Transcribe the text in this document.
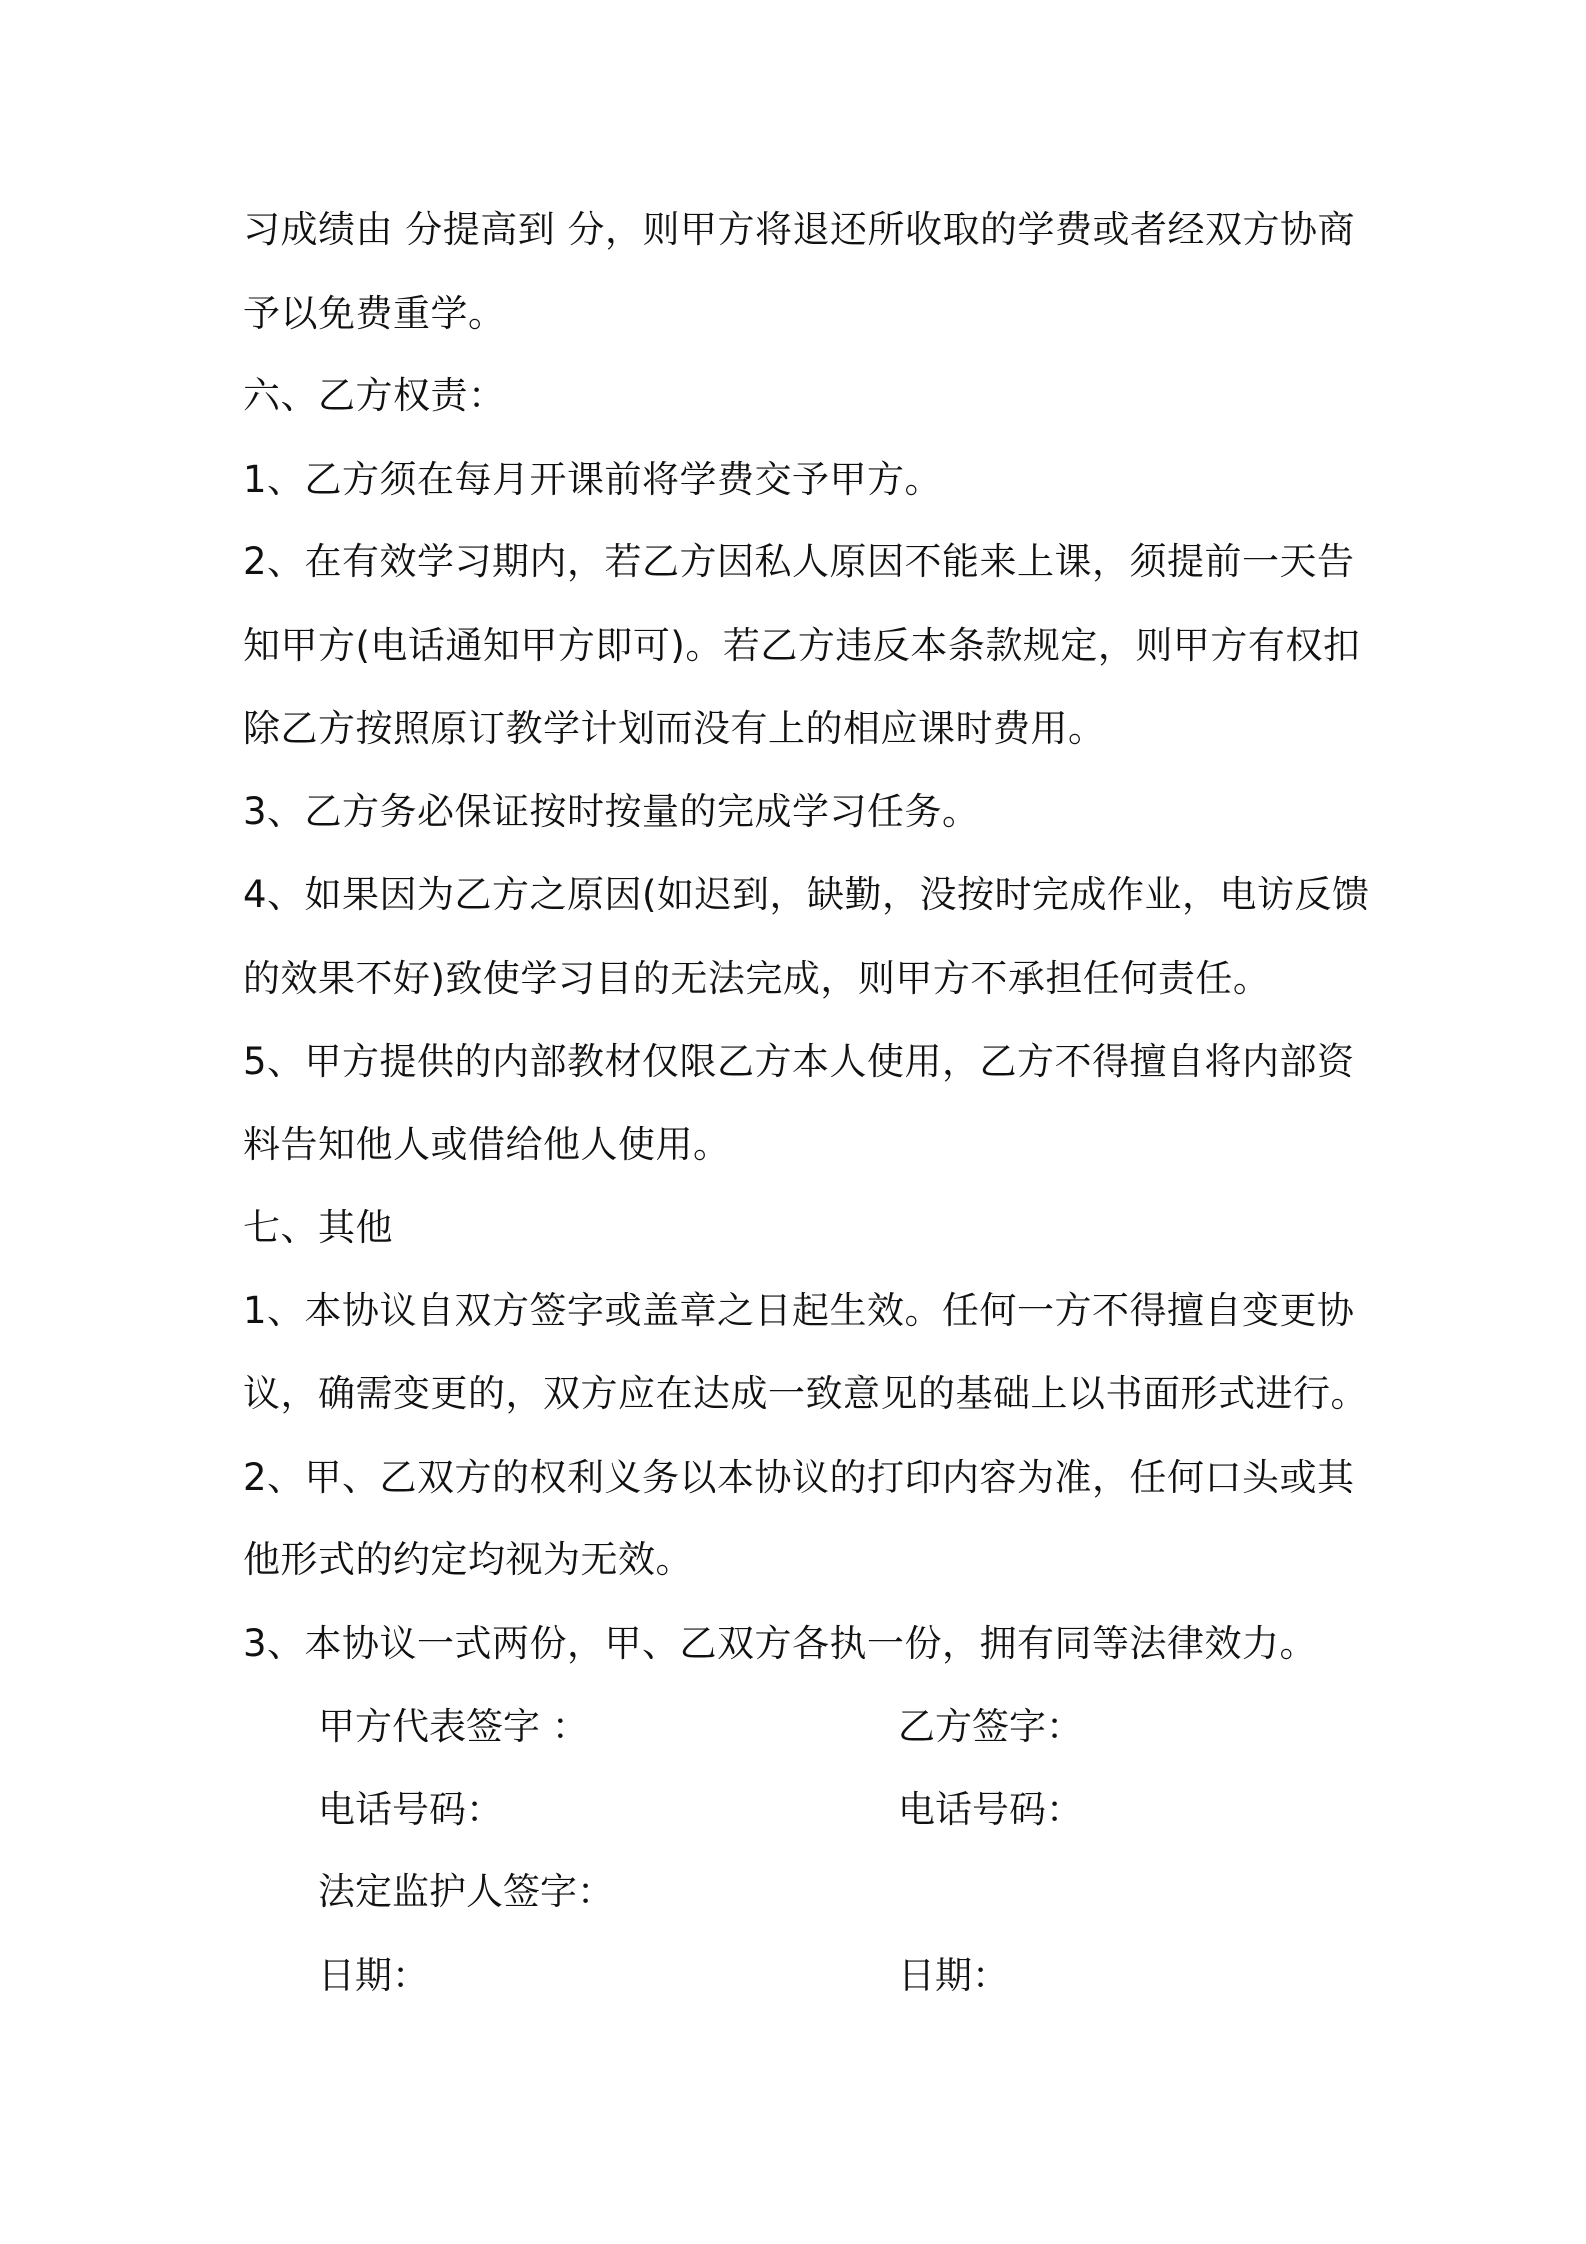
习成绩由 分提高到 分，则甲方将退还所收取的学费或者经双方协商
予以免费重学。
六、乙方权责：
1、乙方须在每月开课前将学费交予甲方。
2、在有效学习期内，若乙方因私人原因不能来上课，须提前一天告
知甲方(电话通知甲方即可)。若乙方违反本条款规定，则甲方有权扣
除乙方按照原订教学计划而没有上的相应课时费用。
3、乙方务必保证按时按量的完成学习任务。
4、如果因为乙方之原因(如迟到，缺勤，没按时完成作业，电访反馈
的效果不好)致使学习目的无法完成，则甲方不承担任何责任。
5、甲方提供的内部教材仅限乙方本人使用，乙方不得擅自将内部资
料告知他人或借给他人使用。
七、其他
1、本协议自双方签字或盖章之日起生效。任何一方不得擅自变更协
议，确需变更的，双方应在达成一致意见的基础上以书面形式进行。
2、甲、乙双方的权利义务以本协议的打印内容为准，任何口头或其
他形式的约定均视为无效。
3、本协议一式两份，甲、乙双方各执一份，拥有同等法律效力。
甲方代表签字 ：	乙方签字：
电话号码：	电话号码：
法定监护人签字：
日期：	日期：
